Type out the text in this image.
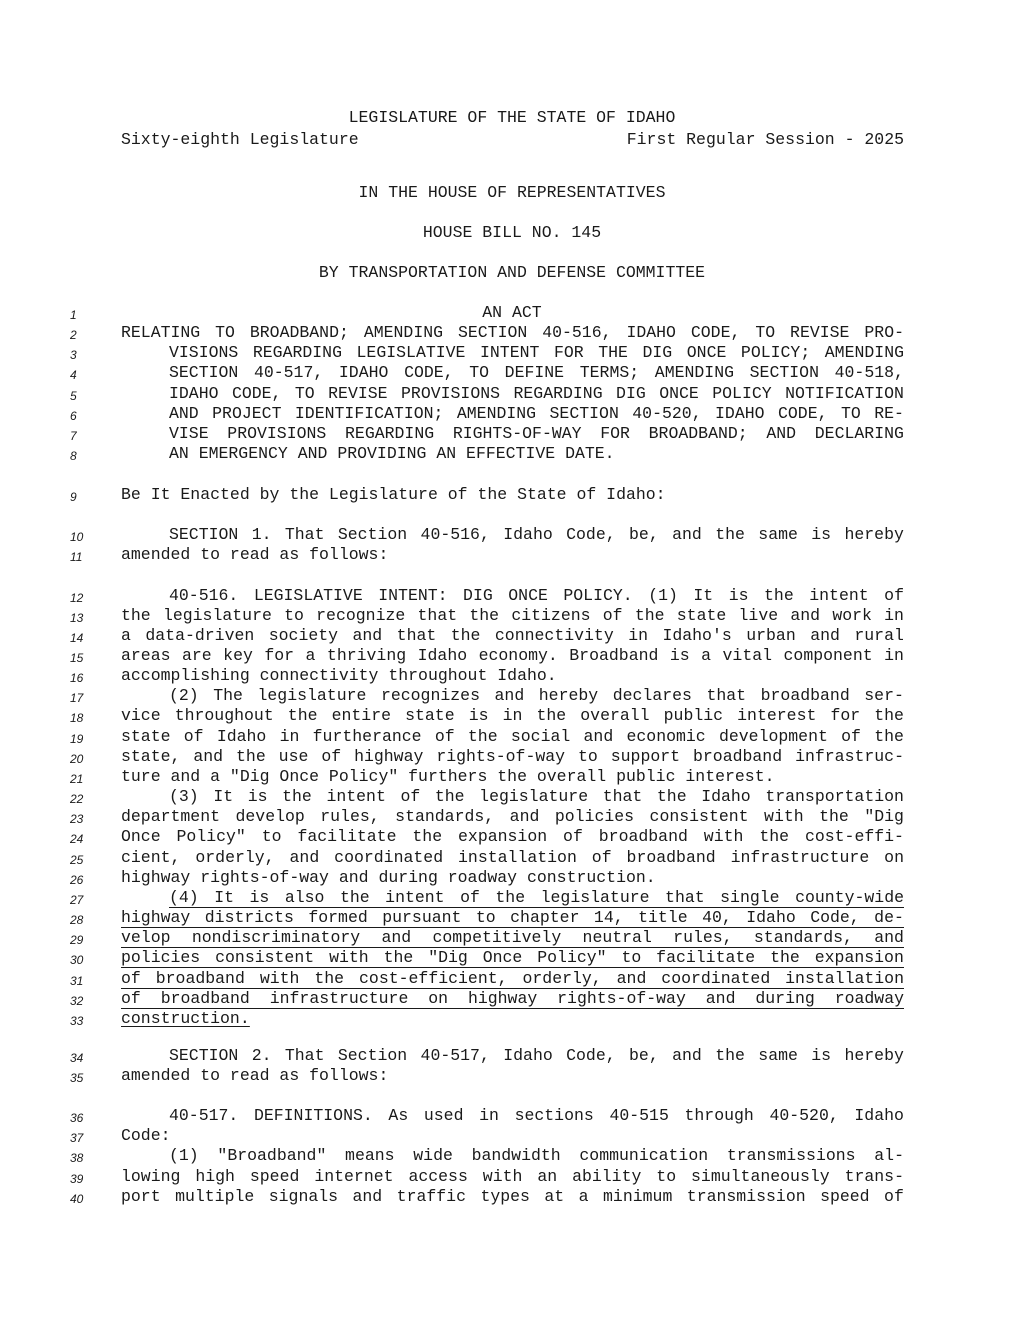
LEGISLATURE OF THE STATE OF IDAHO
Sixty-eighth Legislature	First Regular Session - 2025
IN THE HOUSE OF REPRESENTATIVES
HOUSE BILL NO. 145
BY TRANSPORTATION AND DEFENSE COMMITTEE
1	AN ACT
2	RELATING TO BROADBAND; AMENDING SECTION 40-516, IDAHO CODE, TO REVISE PRO-
3	VISIONS REGARDING LEGISLATIVE INTENT FOR THE DIG ONCE POLICY; AMENDING
4	SECTION 40-517, IDAHO CODE, TO DEFINE TERMS; AMENDING SECTION 40-518,
5	IDAHO CODE, TO REVISE PROVISIONS REGARDING DIG ONCE POLICY NOTIFICATION
6	AND PROJECT IDENTIFICATION; AMENDING SECTION 40-520, IDAHO CODE, TO RE-
7	VISE PROVISIONS REGARDING RIGHTS-OF-WAY FOR BROADBAND; AND DECLARING
8	AN EMERGENCY AND PROVIDING AN EFFECTIVE DATE.
9	Be It Enacted by the Legislature of the State of Idaho:
10	SECTION 1. That Section 40-516, Idaho Code, be, and the same is hereby
11	amended to read as follows:
12	40-516. LEGISLATIVE INTENT: DIG ONCE POLICY. (1) It is the intent of
13	the legislature to recognize that the citizens of the state live and work in
14	a data-driven society and that the connectivity in Idaho's urban and rural
15	areas are key for a thriving Idaho economy. Broadband is a vital component in
16	accomplishing connectivity throughout Idaho.
17	(2) The legislature recognizes and hereby declares that broadband ser-
18	vice throughout the entire state is in the overall public interest for the
19	state of Idaho in furtherance of the social and economic development of the
20	state, and the use of highway rights-of-way to support broadband infrastruc-
21	ture and a "Dig Once Policy" furthers the overall public interest.
22	(3) It is the intent of the legislature that the Idaho transportation
23	department develop rules, standards, and policies consistent with the "Dig
24	Once Policy" to facilitate the expansion of broadband with the cost-effi-
25	cient, orderly, and coordinated installation of broadband infrastructure on
26	highway rights-of-way and during roadway construction.
27	(4) It is also the intent of the legislature that single county-wide
28	highway districts formed pursuant to chapter 14, title 40, Idaho Code, de-
29	velop nondiscriminatory and competitively neutral rules, standards, and
30	policies consistent with the "Dig Once Policy" to facilitate the expansion
31	of broadband with the cost-efficient, orderly, and coordinated installation
32	of broadband infrastructure on highway rights-of-way and during roadway
33	construction.
34	SECTION 2. That Section 40-517, Idaho Code, be, and the same is hereby
35	amended to read as follows:
36	40-517. DEFINITIONS. As used in sections 40-515 through 40-520, Idaho
37	Code:
38	(1) "Broadband" means wide bandwidth communication transmissions al-
39	lowing high speed internet access with an ability to simultaneously trans-
40	port multiple signals and traffic types at a minimum transmission speed of
